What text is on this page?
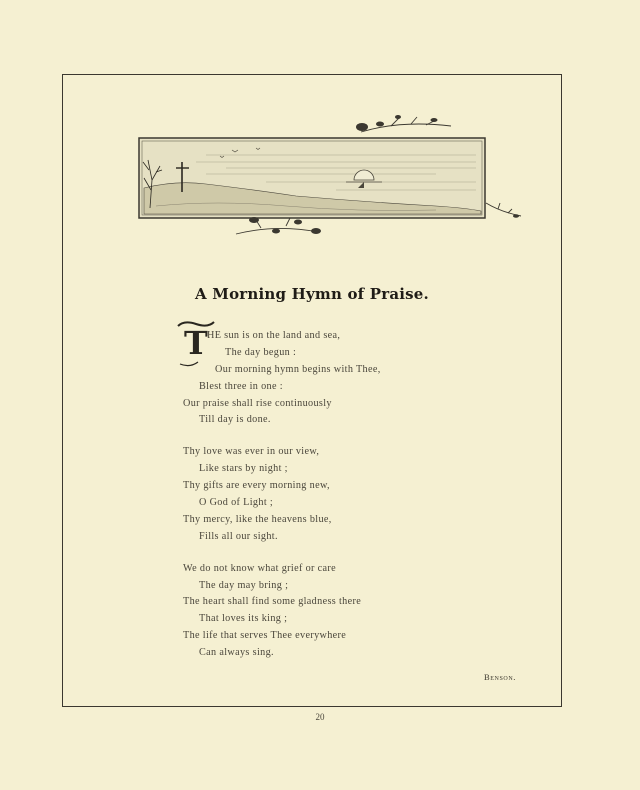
A Morning Hymn of Praise.
T HE sun is on the land and sea,
The day begun :
Our morning hymn begins with Thee,
Blest three in one :
Our praise shall rise continuously
Till day is done.
Thy love was ever in our view,
Like stars by night ;
Thy gifts are every morning new,
O God of Light ;
Thy mercy, like the heavens blue,
Fills all our sight.
We do not know what grief or care
The day may bring ;
The heart shall find some gladness there
That loves its king ;
The life that serves Thee everywhere
Can always sing.
Benson.
20
